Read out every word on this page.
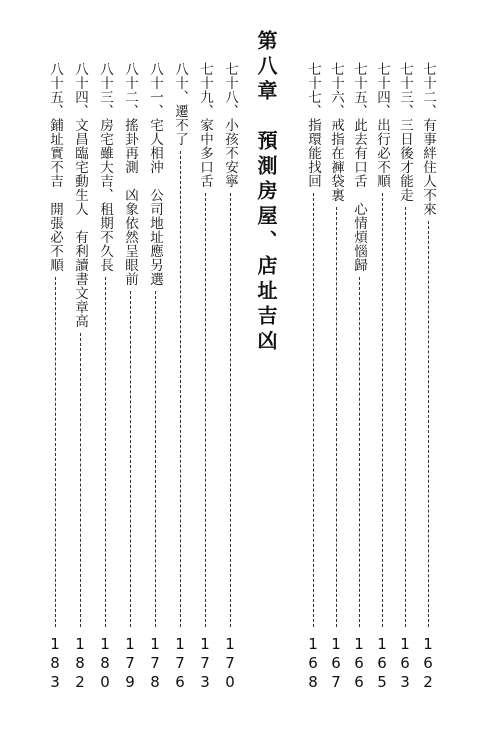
七十二、有事絆住人不來
162
七十三、三日後才能走
163
七十四、出行必不順
165
七十五、此去有口舌　心情煩惱歸
166
七十六、戒指在褲袋裏
167
七十七、指環能找回
168
第八章　預測房屋、店址吉凶
七十八、小孩不安寧
170
七十九、家中多口舌
173
八十、遷不了
176
八十一、宅人相沖　公司地址應另選
178
八十二、搖卦再測　凶象依然呈眼前
179
八十三、房宅雖大吉、租期不久長
180
八十四、文昌臨宅動生人　有利讀書文章高
182
八十五、鋪址實不吉　開張必不順
183
